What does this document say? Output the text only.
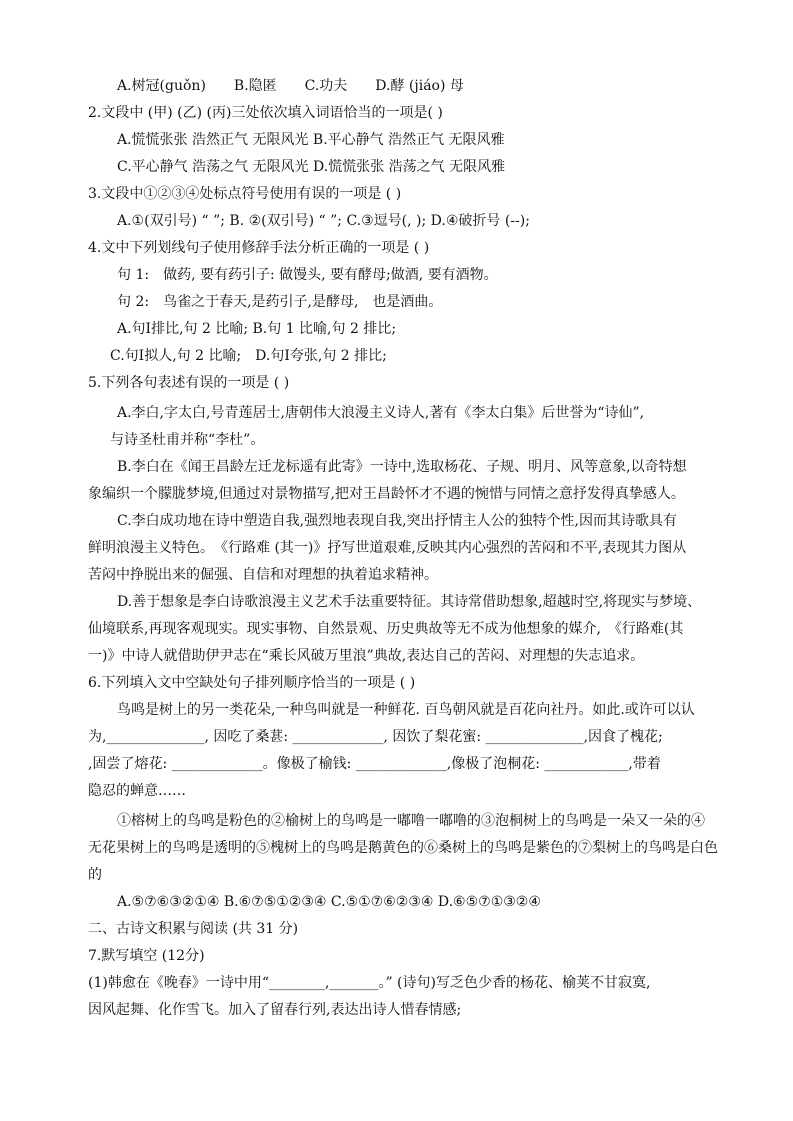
A.树冠(guǒn)　　B.隐匿　　C.功夫　　D.酵 (jiáo) 母
2.文段中 (甲) (乙) (丙)三处依次填入词语恰当的一项是( )
A.慌慌张张 浩然正气 无限风光 B.平心静气 浩然正气 无限风雅
C.平心静气 浩荡之气 无限风光 D.慌慌张张 浩荡之气 无限风雅
3.文段中①②③④处标点符号使用有误的一项是 ( )
A.①(双引号) “ ”; B. ②(双引号) “ ”; C.③逗号(, ); D.④破折号 (--);
4.文中下列划线句子使用修辞手法分析正确的一项是 ( )
句 1:　做药, 要有药引子: 做馒头, 要有酵母;做酒, 要有酒物。
句 2:　鸟雀之于春天,是药引子,是酵母,　也是酒曲。
A.句Ⅰ排比,句 2 比喻; B.句 1 比喻,句 2 排比;
C.句Ⅰ拟人,句 2 比喻;　D.句Ⅰ夸张,句 2 排比;
5.下列各句表述有误的一项是 ( )
A.李白,字太白,号青莲居士,唐朝伟大浪漫主义诗人,著有《李太白集》后世誉为“诗仙”,
与诗圣杜甫并称“李杜”。
B.李白在《闻王昌龄左迁龙标遥有此寄》一诗中,选取杨花、子规、明月、风等意象,以奇特想
象编织一个朦胧梦境,但通过对景物描写,把对王昌龄怀才不遇的惋惜与同情之意抒发得真挚感人。
C.李白成功地在诗中塑造自我,强烈地表现自我,突出抒情主人公的独特个性,因而其诗歌具有
鲜明浪漫主义特色。　《行路难 (其一)》抒写世道艰难,反映其内心强烈的苦闷和不平,表现其力图从
苦闷中挣脱出来的倔强、自信和对理想的执着追求精神。
D.善于想象是李白诗歌浪漫主义艺术手法重要特征。其诗常借助想象,超越时空,将现实与梦境、
仙境联系,再现客观现实。现实事物、自然景观、历史典故等无不成为他想象的媒介,　《行路难(其
一)》中诗人就借助伊尹志在“乘长风破万里浪”典故,表达自己的苦闷、对理想的失志追求。
6.下列填入文中空缺处句子排列顺序恰当的一项是 ( )
鸟鸣是树上的另一类花朵,一种鸟叫就是一种鲜花. 百鸟朝风就是百花向社丹。如此.或许可以认
为,______________, 因吃了桑葚: _____________, 因饮了梨花蜜: ______________,因食了槐花;
,固尝了熔花: _____________。像极了榆钱: _____________,像极了泡桐花: ____________,带着
隐忍的蝉意……
①榕树上的鸟鸣是粉色的②榆树上的鸟鸣是一嘟噜一嘟噜的③泡桐树上的鸟鸣是一朵又一朵的④
无花果树上的鸟鸣是透明的⑤槐树上的鸟鸣是鹅黄色的⑥桑树上的鸟鸣是紫色的⑦梨树上的鸟鸣是白色
的
A.⑤⑦⑥③②①④ B.⑥⑦⑤①②③④ C.⑤①⑦⑥②③④ D.⑥⑤⑦①③②④
二、古诗文积累与阅读 (共 31 分)
7.默写填空 (12分)
(1)韩愈在《晚春》一诗中用“________,_______。” (诗句)写乏色少香的杨花、榆荚不甘寂寞,
因风起舞、化作雪飞。加入了留春行列,表达出诗人惜春情感;
